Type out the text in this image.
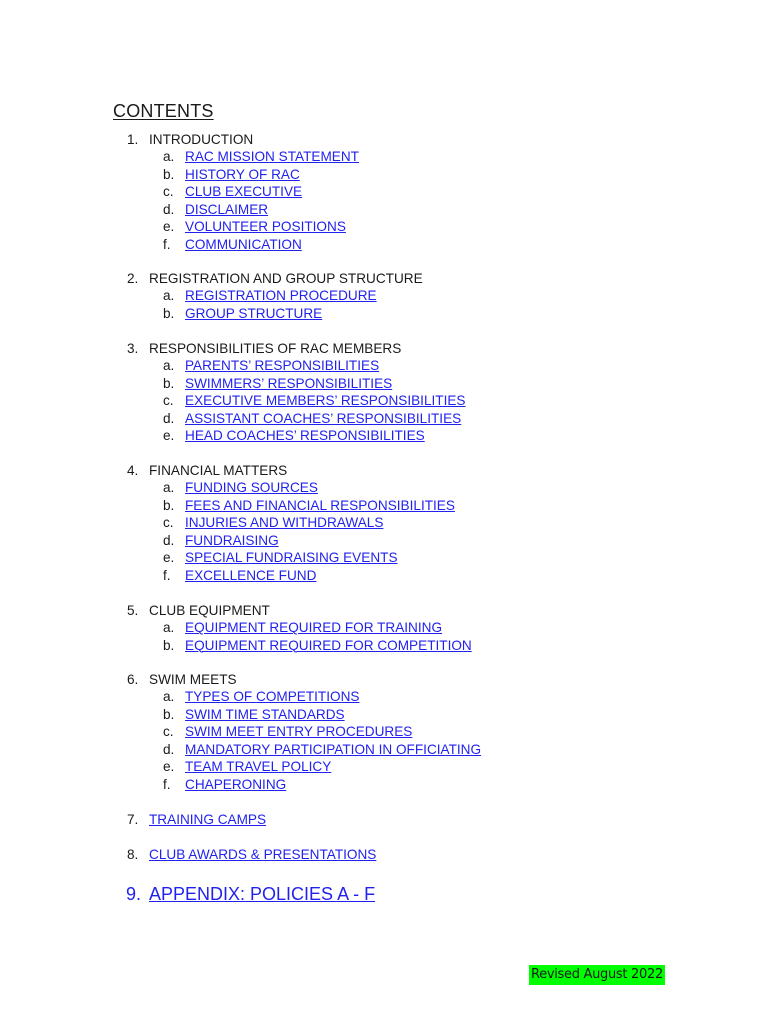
CONTENTS
1. INTRODUCTION
a. RAC MISSION STATEMENT
b. HISTORY OF RAC
c. CLUB EXECUTIVE
d. DISCLAIMER
e. VOLUNTEER POSITIONS
f. COMMUNICATION
2. REGISTRATION AND GROUP STRUCTURE
a. REGISTRATION PROCEDURE
b. GROUP STRUCTURE
3. RESPONSIBILITIES OF RAC MEMBERS
a. PARENTS’ RESPONSIBILITIES
b. SWIMMERS’ RESPONSIBILITIES
c. EXECUTIVE MEMBERS’ RESPONSIBILITIES
d. ASSISTANT COACHES’ RESPONSIBILITIES
e. HEAD COACHES’ RESPONSIBILITIES
4. FINANCIAL MATTERS
a. FUNDING SOURCES
b. FEES AND FINANCIAL RESPONSIBILITIES
c. INJURIES AND WITHDRAWALS
d. FUNDRAISING
e. SPECIAL FUNDRAISING EVENTS
f. EXCELLENCE FUND
5. CLUB EQUIPMENT
a. EQUIPMENT REQUIRED FOR TRAINING
b. EQUIPMENT REQUIRED FOR COMPETITION
6. SWIM MEETS
a. TYPES OF COMPETITIONS
b. SWIM TIME STANDARDS
c. SWIM MEET ENTRY PROCEDURES
d. MANDATORY PARTICIPATION IN OFFICIATING
e. TEAM TRAVEL POLICY
f. CHAPERONING
7. TRAINING CAMPS
8. CLUB AWARDS & PRESENTATIONS
9. APPENDIX: POLICIES A - F
Revised August 2022
